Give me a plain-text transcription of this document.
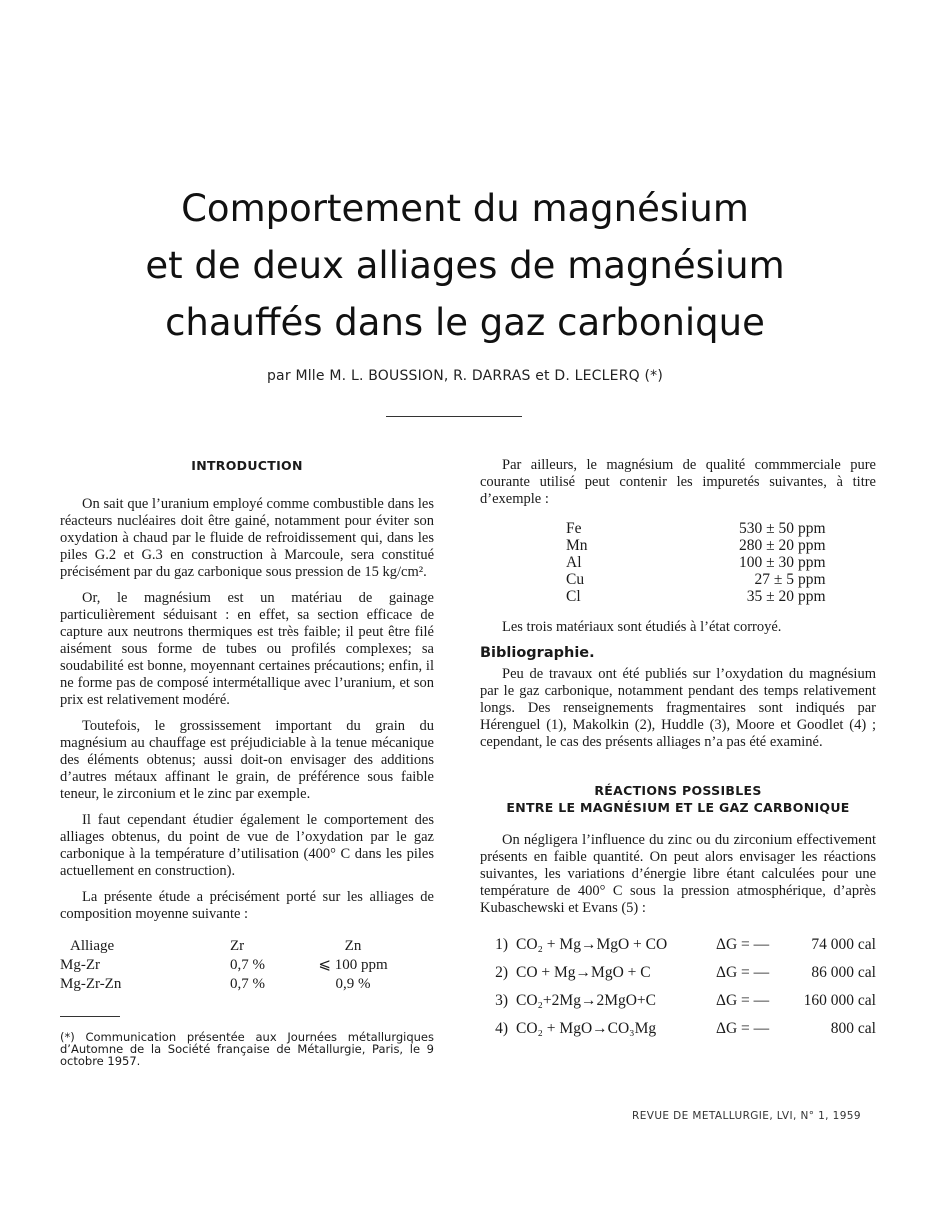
Comportement du magnésium
et de deux alliages de magnésium
chauffés dans le gaz carbonique
par Mlle M. L. BOUSSION, R. DARRAS et D. LECLERQ (*)
INTRODUCTION

On sait que l’uranium employé comme combustible dans les réacteurs nucléaires doit être gainé, notamment pour éviter son oxydation à chaud par le fluide de refroidissement qui, dans les piles G.2 et G.3 en construction à Marcoule, sera constitué précisément par du gaz carbonique sous pression de 15 kg/cm².

Or, le magnésium est un matériau de gainage particulièrement séduisant : en effet, sa section efficace de capture aux neutrons thermiques est très faible; il peut être filé aisément sous forme de tubes ou profilés complexes; sa soudabilité est bonne, moyennant certaines précautions; enfin, il ne forme pas de composé intermétallique avec l’uranium, et son prix est relativement modéré.

Toutefois, le grossissement important du grain du magnésium au chauffage est préjudiciable à la tenue mécanique des éléments obtenus; aussi doit-on envisager des additions d’autres métaux affinant le grain, de préférence sous faible teneur, le zirconium et le zinc par exemple.

Il faut cependant étudier également le comportement des alliages obtenus, du point de vue de l’oxydation par le gaz carbonique à la température d’utilisation (400° C dans les piles actuellement en construction).

La présente étude a précisément porté sur les alliages de composition moyenne suivante :

Alliage	Zr	Zn
Mg-Zr	0,7 %	⩽ 100 ppm
Mg-Zr-Zn	0,7 %	0,9 %
(*) Communication présentée aux Journées métallurgiques d’Automne de la Société française de Métallurgie, Paris, le 9 octobre 1957.

Par ailleurs, le magnésium de qualité commmerciale pure courante utilisé peut contenir les impuretés suivantes, à titre d’exemple :

Fe	530 ± 50 ppm
Mn	280 ± 20 ppm
Al	100 ± 30 ppm
Cu	27 ± 5 ppm
Cl	35 ± 20 ppm

Les trois matériaux sont étudiés à l’état corroyé.

Bibliographie.

Peu de travaux ont été publiés sur l’oxydation du magnésium par le gaz carbonique, notamment pendant des temps relativement longs. Des renseignements fragmentaires sont indiqués par Hérenguel (1), Makolkin (2), Huddle (3), Moore et Goodlet (4) ; cependant, le cas des présents alliages n’a pas été examiné.

RÉACTIONS POSSIBLES
ENTRE LE MAGNÉSIUM ET LE GAZ CARBONIQUE

On négligera l’influence du zinc ou du zirconium effectivement présents en faible quantité. On peut alors envisager les réactions suivantes, les variations d’énergie libre étant calculées pour une température de 400° C sous la pression atmosphérique, d’après Kubaschewski et Evans (5) :

1) CO₂ + Mg→MgO + CO	ΔG = —	74 000 cal
2) CO + Mg→MgO + C	ΔG = —	86 000 cal
3) CO₂+2Mg→2MgO+C	ΔG = —	160 000 cal
4) CO₂ + MgO→CO₃Mg	ΔG = —	800 cal
REVUE DE METALLURGIE, LVI, N° 1, 1959
